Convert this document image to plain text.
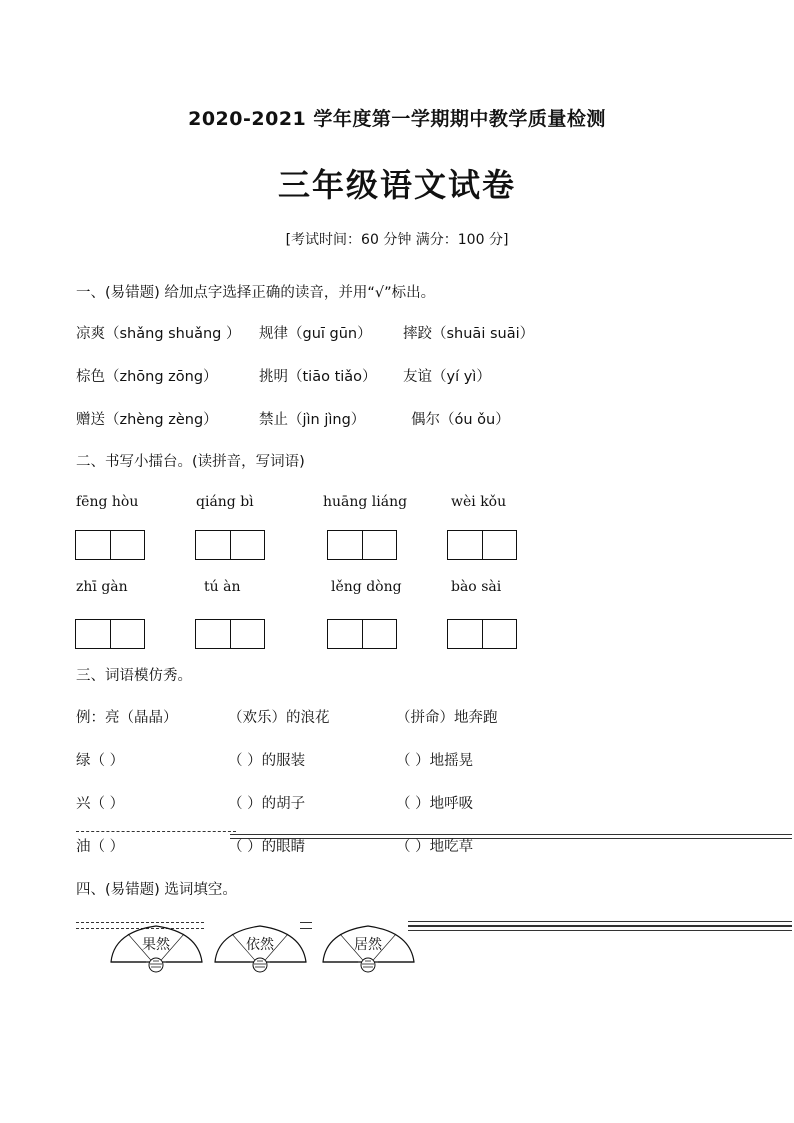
2020-2021 学年度第一学期期中教学质量检测
三年级语文试卷
[考试时间：60 分钟 满分：100 分]
一、(易错题) 给加点字选择正确的读音，并用“√”标出。
凉爽（shǎng shuǎng ） 规律（guī gūn） 摔跤（shuāi suāi）
棕色（zhōng zōng）	挑明（tiāo tiǎo） 友谊（yí yì）
赠送（zhèng zèng）	禁止（jìn jìng）	偶尔（óu ǒu）
二、书写小擂台。(读拼音，写词语)
fēng hòu	qiáng bì	huāng liáng	wèi kǒu
zhī gàn	tú àn	lěng dòng	bào sài
三、词语模仿秀。
例：亮（晶晶）	（欢乐）的浪花	（拼命）地奔跑
绿（ ）	（ ）的服装	（ ）地摇晃
兴（ ）	（ ）的胡子	（ ）地呼吸
油（ ）	（ ）的眼睛	（ ）地吃草
四、(易错题) 选词填空。
果然	依然	居然
